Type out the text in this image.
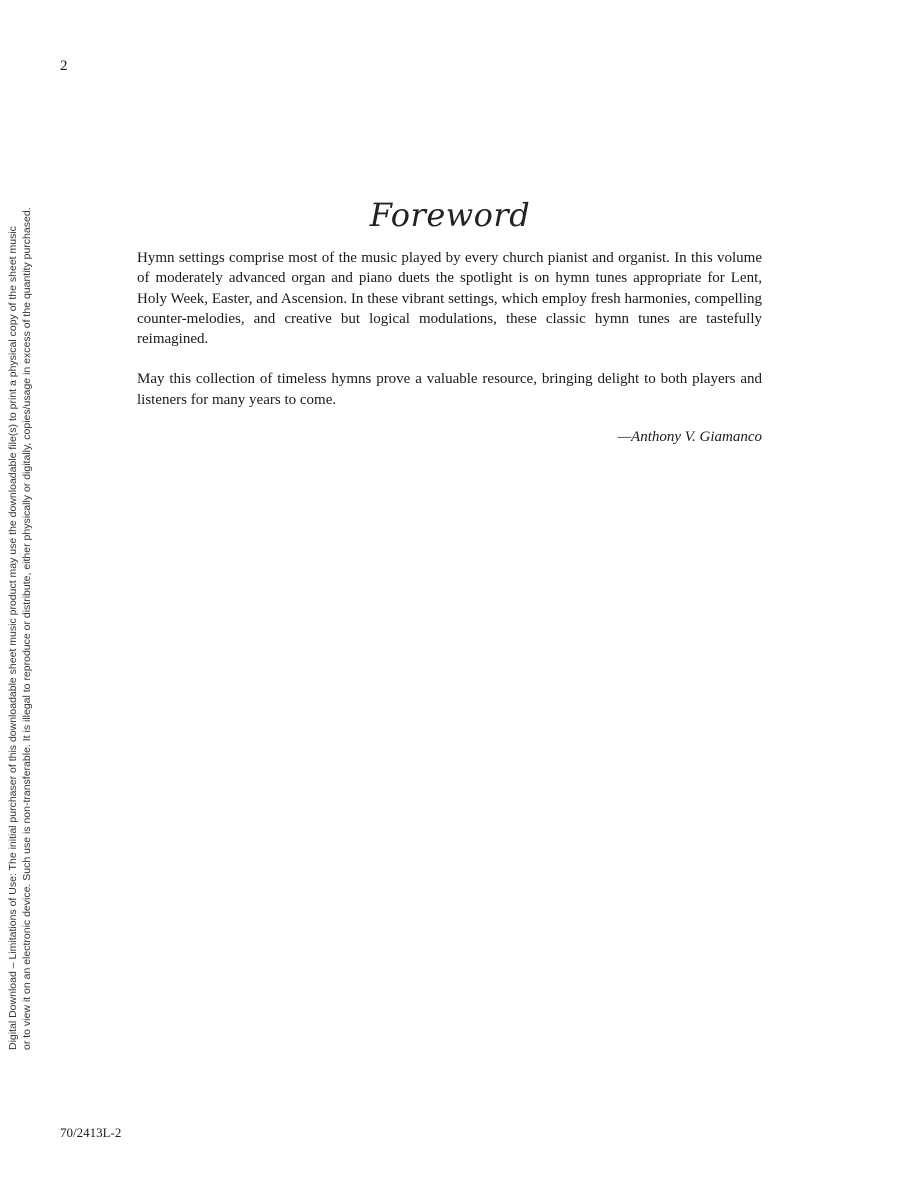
2
Digital Download – Limitations of Use: The initial purchaser of this downloadable sheet music product may use the downloadable file(s) to print a physical copy of the sheet music or to view it on an electronic device. Such use is non-transferable. It is illegal to reproduce or distribute, either physically or digitally, copies/usage in excess of the quantity purchased.	Foreword

Hymn settings comprise most of the music played by every church pianist and organist. In this volume of moderately advanced organ and piano duets the spotlight is on hymn tunes appropriate for Lent, Holy Week, Easter, and Ascension. In these vibrant settings, which employ fresh harmonies, compelling counter-melodies, and creative but logical modulations, these classic hymn tunes are tastefully reimagined.

May this collection of timeless hymns prove a valuable resource, bringing delight to both players and listeners for many years to come.

—Anthony V. Giamanco
70/2413L-2
